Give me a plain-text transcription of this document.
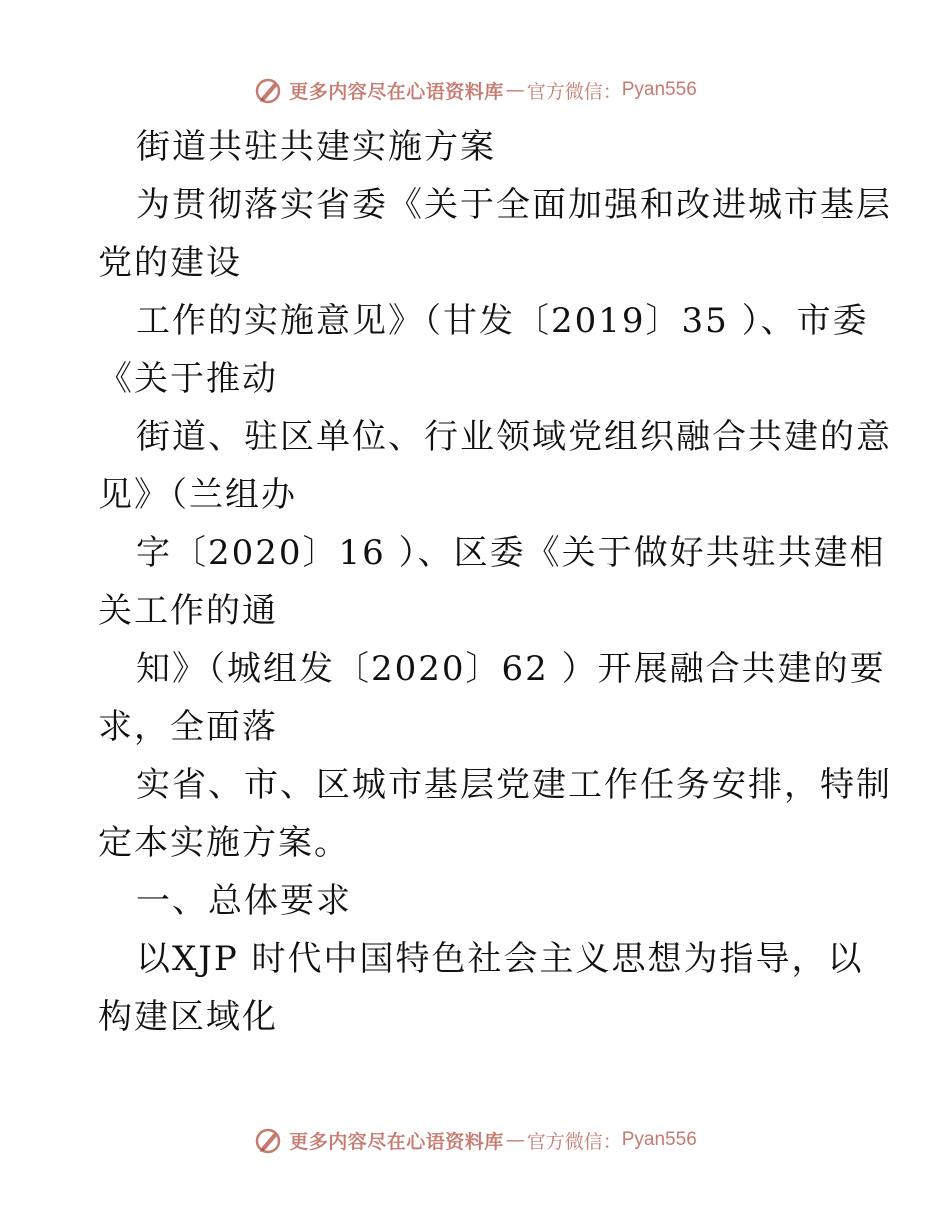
更多内容尽在心语资料库 — 官方微信： Pyan556
街道共驻共建实施方案
为贯彻落实省委《关于全面加强和改进城市基层
党的建设
工作的实施意见》（甘发〔2019〕35 ）、市委
《关于推动
街道、驻区单位、行业领域党组织融合共建的意
见》（兰组办
字〔2020〕16 ）、区委《关于做好共驻共建相
关工作的通
知》（城组发〔2020〕62 ）开展融合共建的要
求，全面落
实省、市、区城市基层党建工作任务安排，特制
定本实施方案。
一、总体要求
以XJP 时代中国特色社会主义思想为指导，以
构建区域化
更多内容尽在心语资料库 — 官方微信： Pyan556
